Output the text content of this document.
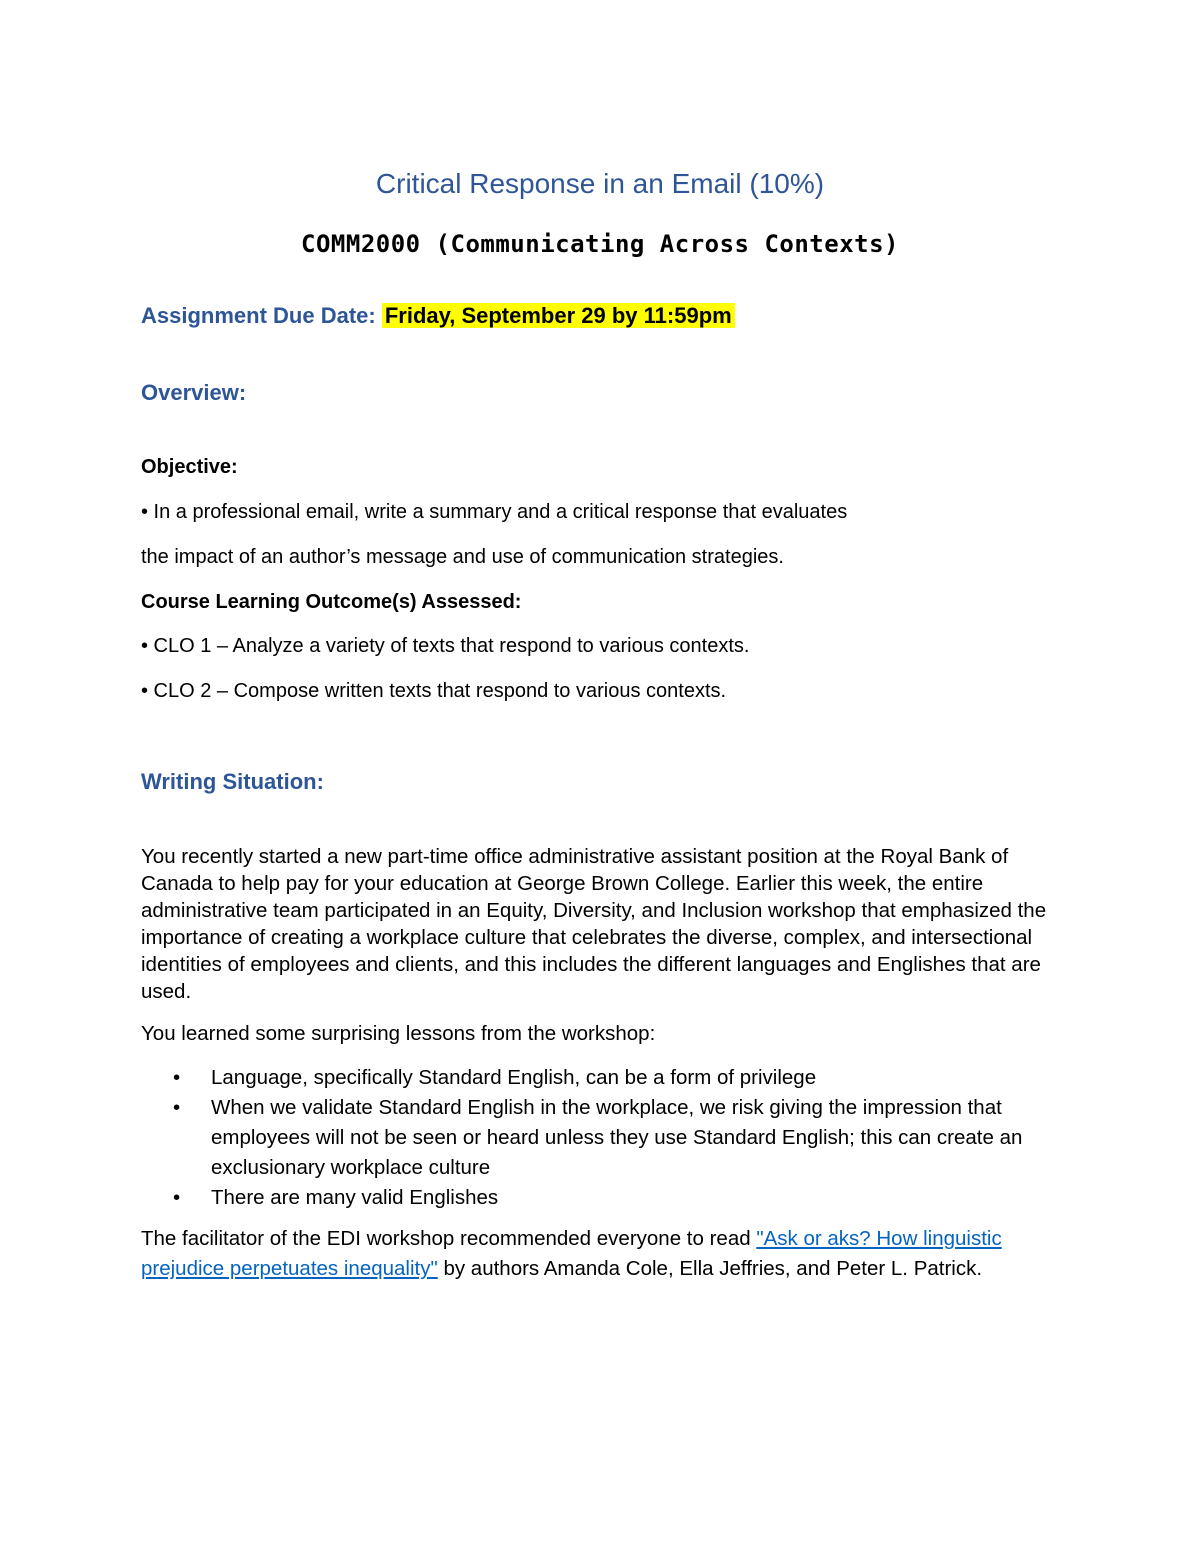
Critical Response in an Email (10%)
COMM2000 (Communicating Across Contexts)
Assignment Due Date: Friday, September 29 by 11:59pm
Overview:
Objective:
• In a professional email, write a summary and a critical response that evaluates
the impact of an author’s message and use of communication strategies.
Course Learning Outcome(s) Assessed:
• CLO 1 – Analyze a variety of texts that respond to various contexts.
• CLO 2 – Compose written texts that respond to various contexts.
Writing Situation:
You recently started a new part-time office administrative assistant position at the Royal Bank of Canada to help pay for your education at George Brown College. Earlier this week, the entire administrative team participated in an Equity, Diversity, and Inclusion workshop that emphasized the importance of creating a workplace culture that celebrates the diverse, complex, and intersectional identities of employees and clients, and this includes the different languages and Englishes that are used.
You learned some surprising lessons from the workshop:
• Language, specifically Standard English, can be a form of privilege
• When we validate Standard English in the workplace, we risk giving the impression that employees will not be seen or heard unless they use Standard English; this can create an exclusionary workplace culture
• There are many valid Englishes
The facilitator of the EDI workshop recommended everyone to read "Ask or aks? How linguistic prejudice perpetuates inequality" by authors Amanda Cole, Ella Jeffries, and Peter L. Patrick.
